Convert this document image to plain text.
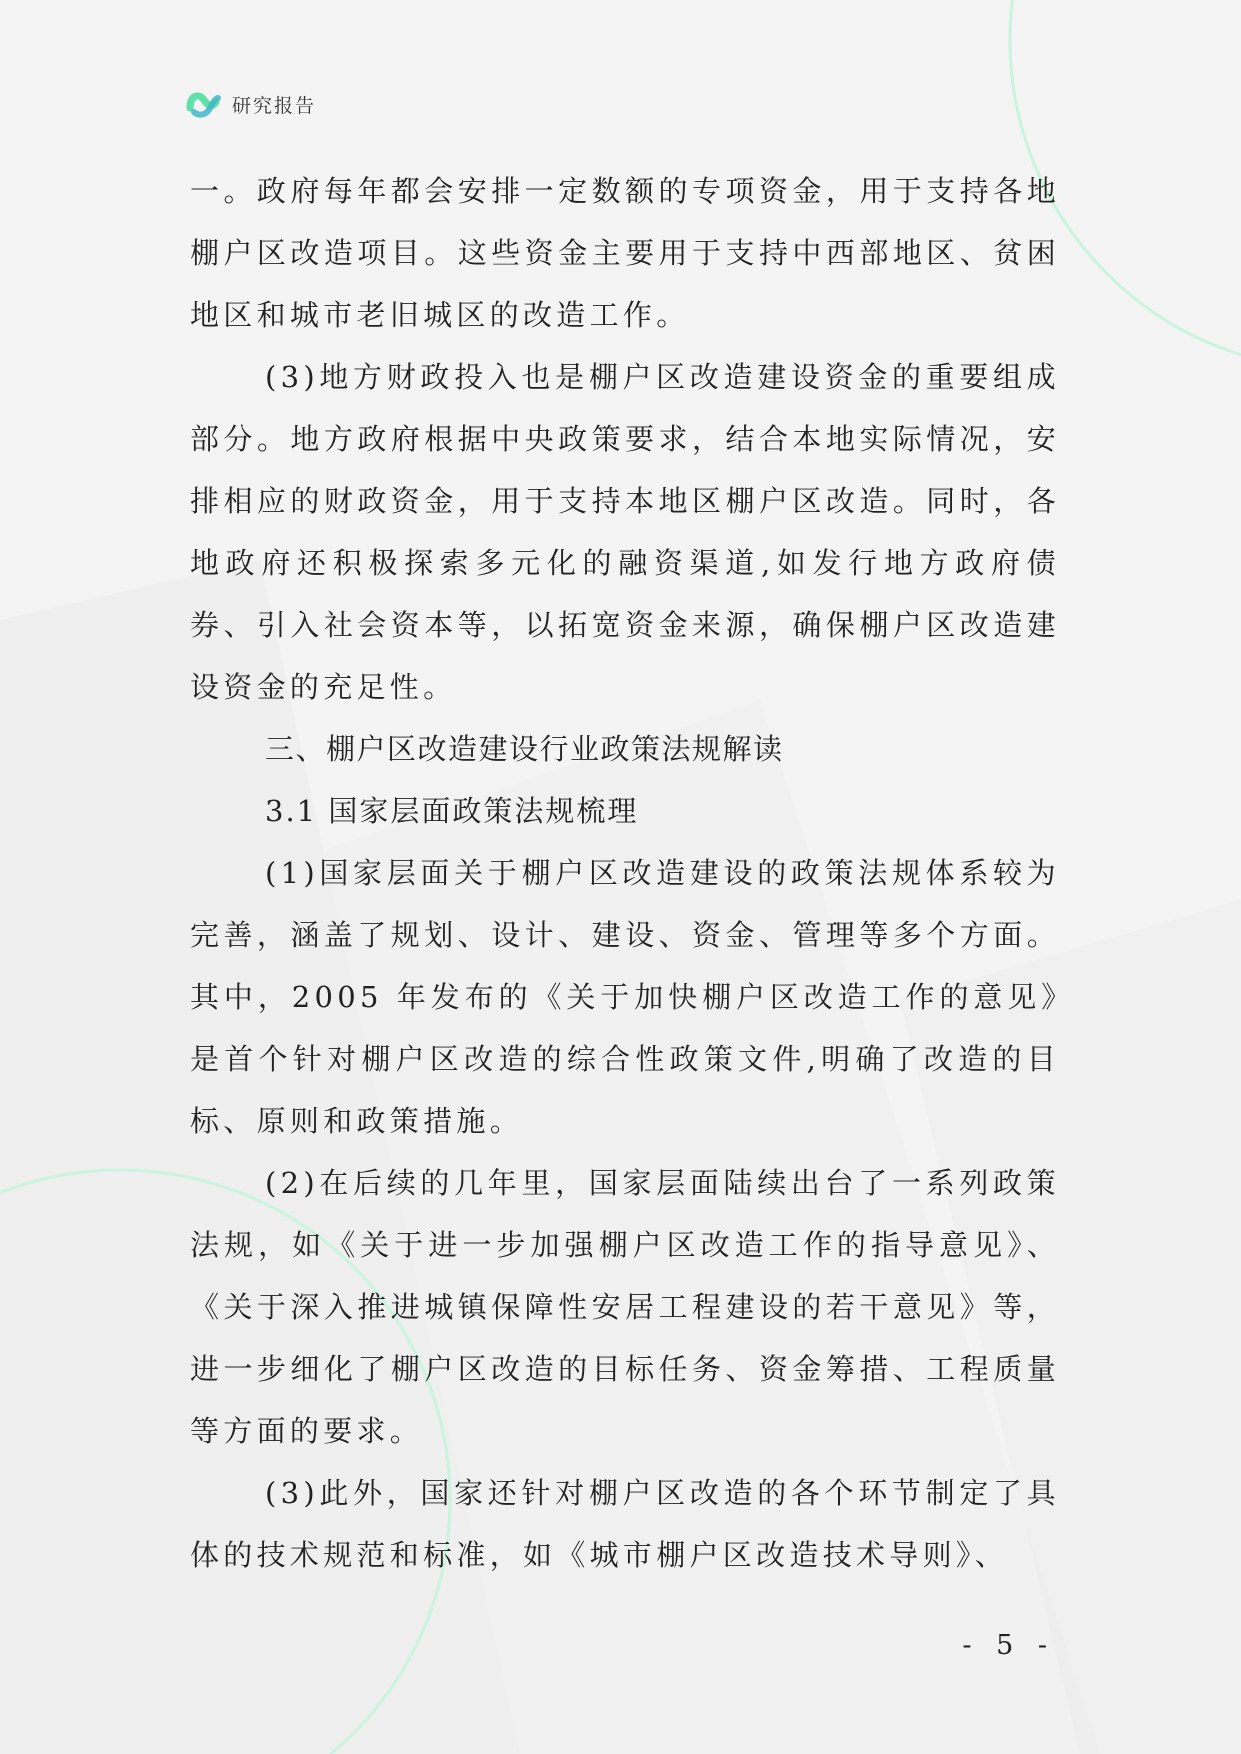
研究报告

一。政府每年都会安排一定数额的专项资金，用于支持各地棚户区改造项目。这些资金主要用于支持中西部地区、贫困地区和城市老旧城区的改造工作。

(3)地方财政投入也是棚户区改造建设资金的重要组成部分。地方政府根据中央政策要求，结合本地实际情况，安排相应的财政资金，用于支持本地区棚户区改造。同时，各地政府还积极探索多元化的融资渠道,如发行地方政府债券、引入社会资本等，以拓宽资金来源，确保棚户区改造建设资金的充足性。

三、棚户区改造建设行业政策法规解读
3.1 国家层面政策法规梳理

(1)国家层面关于棚户区改造建设的政策法规体系较为完善，涵盖了规划、设计、建设、资金、管理等多个方面。其中，2005 年发布的《关于加快棚户区改造工作的意见》是首个针对棚户区改造的综合性政策文件,明确了改造的目标、原则和政策措施。

(2)在后续的几年里，国家层面陆续出台了一系列政策法规，如《关于进一步加强棚户区改造工作的指导意见》、《关于深入推进城镇保障性安居工程建设的若干意见》等，进一步细化了棚户区改造的目标任务、资金筹措、工程质量等方面的要求。

(3)此外，国家还针对棚户区改造的各个环节制定了具体的技术规范和标准，如《城市棚户区改造技术导则》、

- 5 -
